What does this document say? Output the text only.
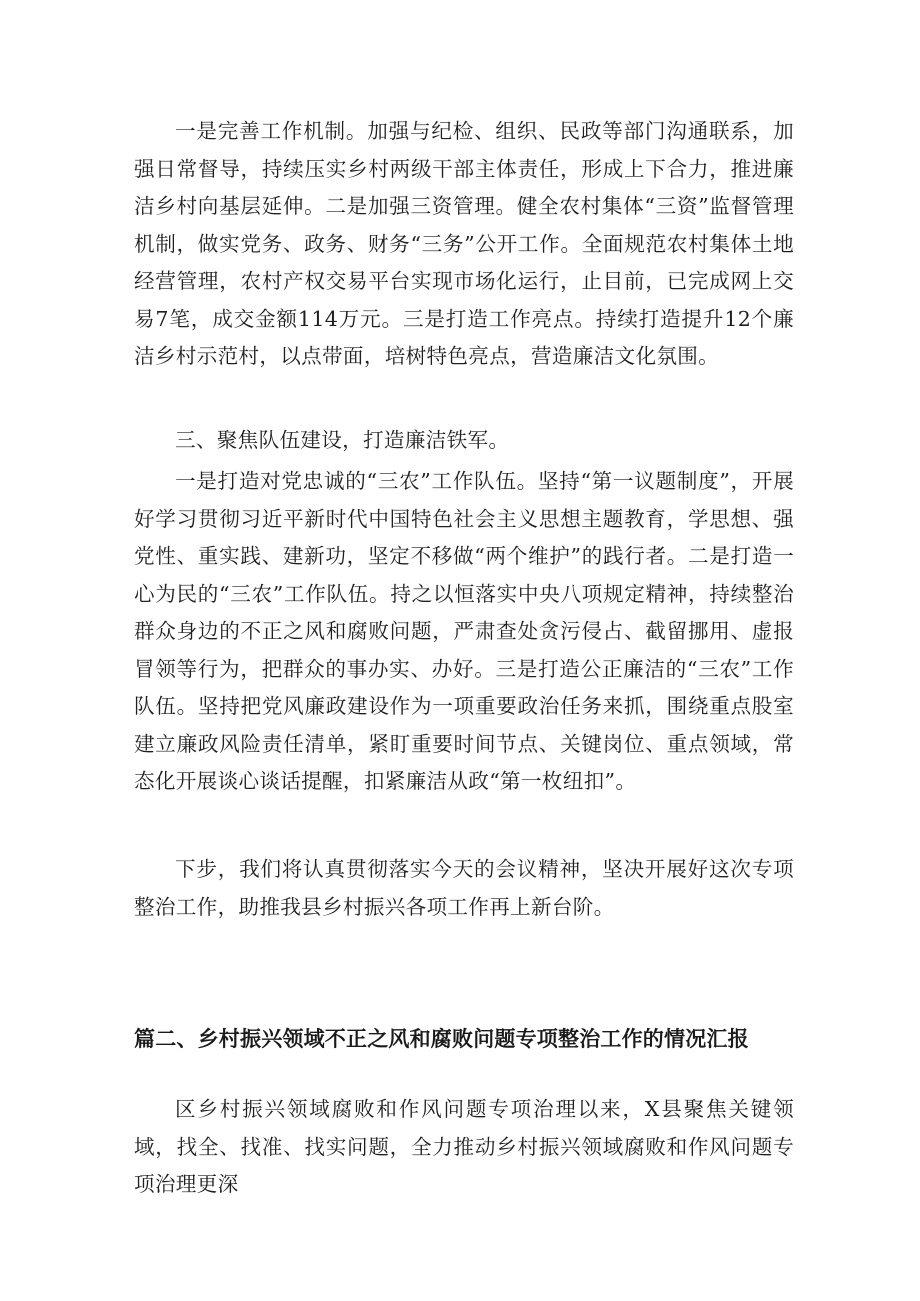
一是完善工作机制。加强与纪检、组织、民政等部门沟通联系，加强日常督导，持续压实乡村两级干部主体责任，形成上下合力，推进廉洁乡村向基层延伸。二是加强三资管理。健全农村集体“三资”监督管理机制，做实党务、政务、财务“三务”公开工作。全面规范农村集体土地经营管理，农村产权交易平台实现市场化运行，止目前，已完成网上交易7笔，成交金额114万元。三是打造工作亮点。持续打造提升12个廉洁乡村示范村，以点带面，培树特色亮点，营造廉洁文化氛围。

三、聚焦队伍建设，打造廉洁铁军。

一是打造对党忠诚的“三农”工作队伍。坚持“第一议题制度”，开展好学习贯彻习近平新时代中国特色社会主义思想主题教育，学思想、强党性、重实践、建新功，坚定不移做“两个维护”的践行者。二是打造一心为民的“三农”工作队伍。持之以恒落实中央八项规定精神，持续整治群众身边的不正之风和腐败问题，严肃查处贪污侵占、截留挪用、虚报冒领等行为，把群众的事办实、办好。三是打造公正廉洁的“三农”工作队伍。坚持把党风廉政建设作为一项重要政治任务来抓，围绕重点股室建立廉政风险责任清单，紧盯重要时间节点、关键岗位、重点领域，常态化开展谈心谈话提醒，扣紧廉洁从政“第一枚纽扣”。

下步，我们将认真贯彻落实今天的会议精神，坚决开展好这次专项整治工作，助推我县乡村振兴各项工作再上新台阶。

篇二、乡村振兴领域不正之风和腐败问题专项整治工作的情况汇报

区乡村振兴领域腐败和作风问题专项治理以来，X县聚焦关键领域，找全、找准、找实问题，全力推动乡村振兴领域腐败和作风问题专项治理更深
